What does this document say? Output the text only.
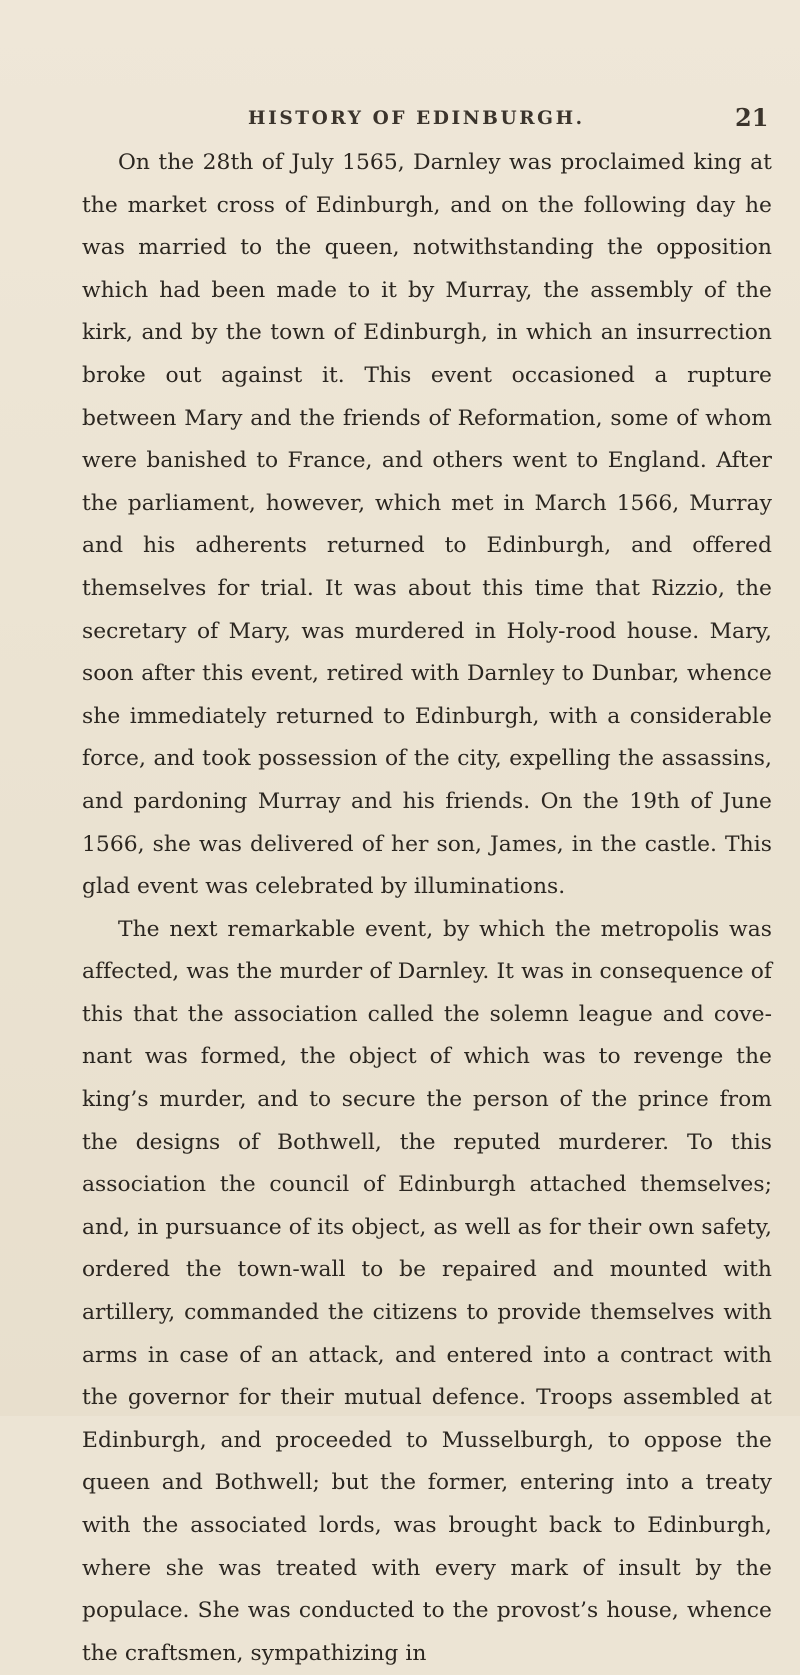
HISTORY OF EDINBURGH.	21

On the 28th of July 1565, Darnley was proclaimed king at the market cross of Edinburgh, and on the following day he was married to the queen, notwithstanding the opposition which had been made to it by Murray, the assembly of the kirk, and by the town of Edinburgh, in which an insurrection broke out against it. This event occasioned a rupture between Mary and the friends of Reformation, some of whom were banished to France, and others went to England. After the parliament, however, which met in March 1566, Murray and his adherents returned to Edinburgh, and offered themselves for trial. It was about this time that Rizzio, the secretary of Mary, was murdered in Holy-rood house. Mary, soon after this event, retired with Darnley to Dunbar, whence she immediately returned to Edinburgh, with a considerable force, and took possession of the city, expelling the assassins, and pardoning Murray and his friends. On the 19th of June 1566, she was delivered of her son, James, in the castle. This glad event was celebrated by illuminations.

The next remarkable event, by which the metropolis was affected, was the murder of Darnley. It was in consequence of this that the association called the solemn league and covenant was formed, the object of which was to revenge the king’s murder, and to secure the person of the prince from the designs of Bothwell, the reputed murderer. To this association the council of Edinburgh attached themselves; and, in pursuance of its object, as well as for their own safety, ordered the town-wall to be repaired and mounted with artillery, commanded the citizens to provide themselves with arms in case of an attack, and entered into a contract with the governor for their mutual defence. Troops assembled at Edinburgh, and proceeded to Musselburgh, to oppose the queen and Bothwell; but the former, entering into a treaty with the associated lords, was brought back to Edinburgh, where she was treated with every mark of insult by the populace. She was conducted to the provost’s house, whence the craftsmen, sympathizing in
